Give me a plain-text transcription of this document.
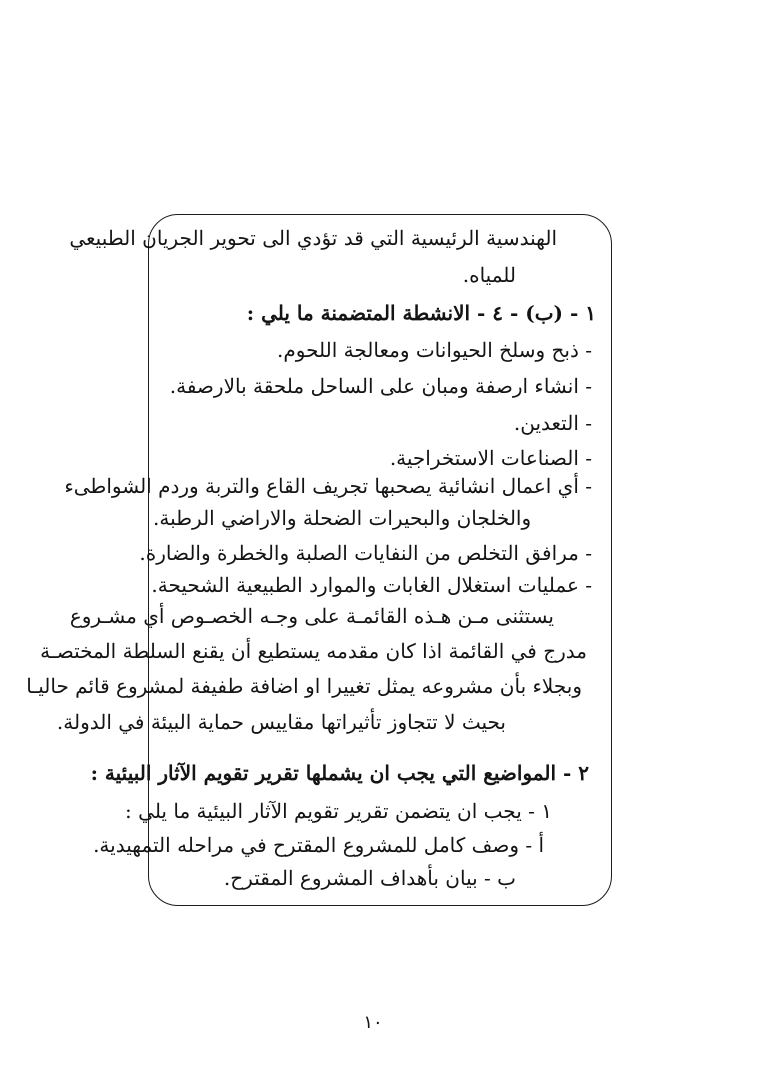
الهندسية الرئيسية التي قد تؤدي الى تحوير الجريان الطبيعي
للمياه.
١ - (ب) - ٤ - الانشطة المتضمنة ما يلي :
- ذبح وسلخ الحيوانات ومعالجة اللحوم.
- انشاء ارصفة ومبان على الساحل ملحقة بالارصفة.
- التعدين.
- الصناعات الاستخراجية.
- أي اعمال انشائية يصحبها تجريف القاع والتربة وردم الشواطىء
والخلجان والبحيرات الضحلة والاراضي الرطبة.
- مرافق التخلص من النفايات الصلبة والخطرة والضارة.
- عمليات استغلال الغابات والموارد الطبيعية الشحيحة.
يستثنى مـن هـذه القائمـة على وجـه الخصـوص أي مشـروع
مدرج في القائمة اذا كان مقدمه يستطيع أن يقنع السلطة المختصـة
وبجلاء بأن مشروعه يمثل تغييرا او اضافة طفيفة لمشروع قائم حاليـا
بحيث لا تتجاوز تأثيراتها مقاييس حماية البيئة في الدولة.
٢ - المواضيع التي يجب ان يشملها تقرير تقويم الآثار البيئية :
١ - يجب ان يتضمن تقرير تقويم الآثار البيئية ما يلي :
أ - وصف كامل للمشروع المقترح في مراحله التمهيدية.
ب - بيان بأهداف المشروع المقترح.
١٠
